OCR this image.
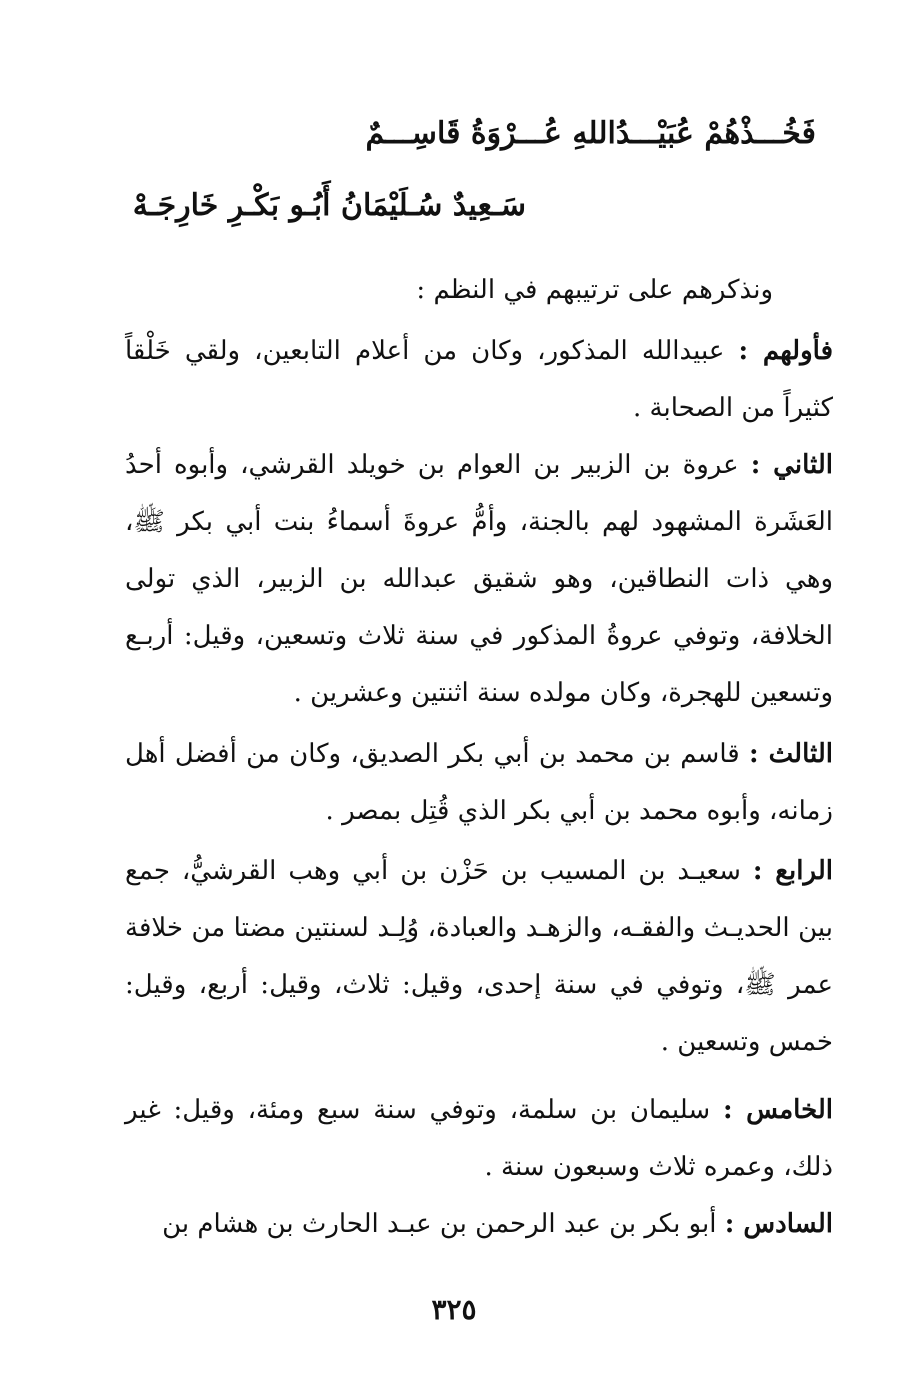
فَخُـــذْهُمْ عُبَيْـــدُاللهِ عُـــرْوَةُ قَاسِـــمٌ
سَـعِيدٌ سُـلَيْمَانُ أَبُـو بَكْـرِ خَارِجَـهْ
ونذكرهم على ترتيبهم في النظم :
فأولهم : عبيدالله المذكور، وكان من أعلام التابعين، ولقي خَلْقاً كثيراً من الصحابة .
الثاني : عروة بن الزبير بن العوام بن خويلد القرشي، وأبوه أحدُ العَشَرة المشهود لهم بالجنة، وأمُّ عروةَ أسماءُ بنت أبي بكر ﷺ، وهي ذات النطاقين، وهو شقيق عبدالله بن الزبير، الذي تولى الخلافة، وتوفي عروةُ المذكور في سنة ثلاث وتسعين، وقيل: أربـع وتسعين للهجرة، وكان مولده سنة اثنتين وعشرين .
الثالث : قاسم بن محمد بن أبي بكر الصديق، وكان من أفضل أهل زمانه، وأبوه محمد بن أبي بكر الذي قُتِل بمصر .
الرابع : سعيـد بن المسيب بن حَزْن بن أبي وهب القرشيُّ، جمع بين الحديـث والفقـه، والزهـد والعبادة، وُلِـد لسنتين مضتا من خلافة عمر ﷺ، وتوفي في سنة إحدى، وقيل: ثلاث، وقيل: أربع، وقيل: خمس وتسعين .
الخامس : سليمان بن سلمة، وتوفي سنة سبع ومئة، وقيل: غير ذلك، وعمره ثلاث وسبعون سنة .
السادس : أبو بكر بن عبد الرحمن بن عبـد الحارث بن هشام بن
٣٢٥
